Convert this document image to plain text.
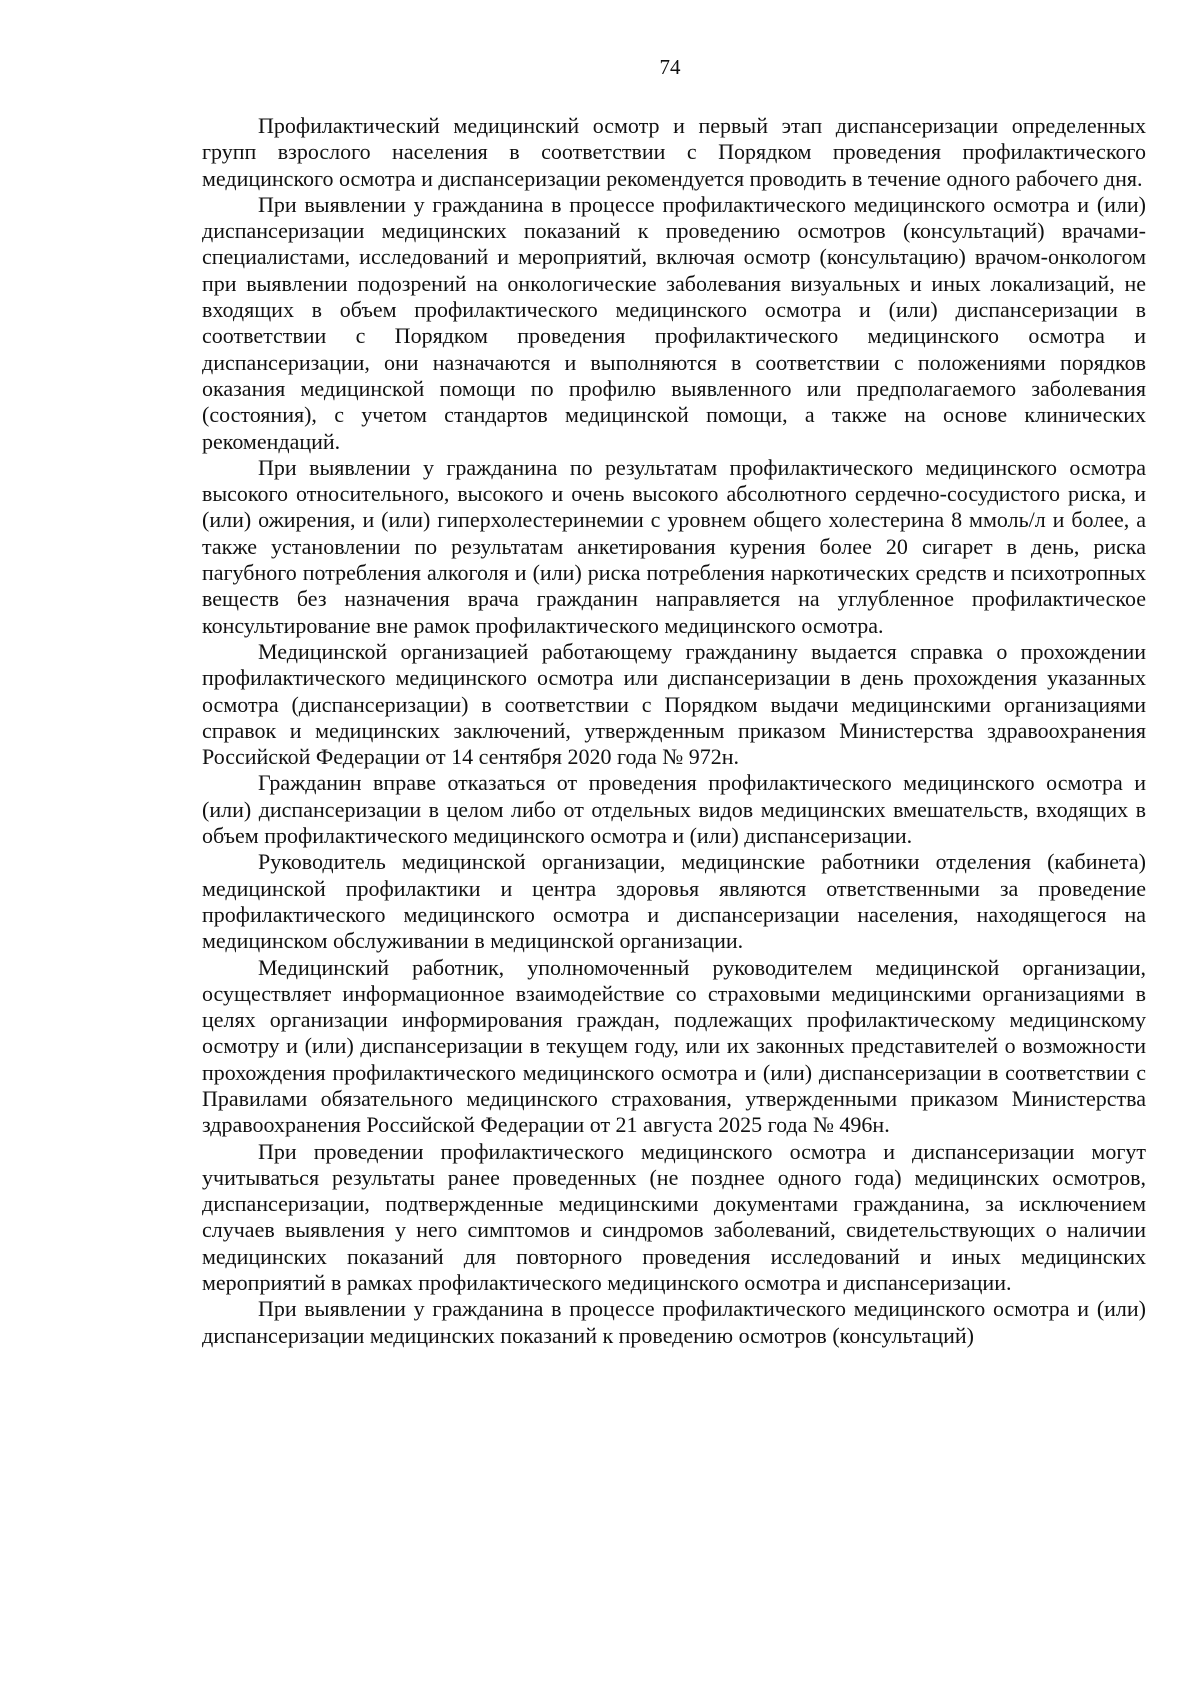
74

Профилактический медицинский осмотр и первый этап диспансеризации определенных групп взрослого населения в соответствии с Порядком проведения профилактического медицинского осмотра и диспансеризации рекомендуется проводить в течение одного рабочего дня.

При выявлении у гражданина в процессе профилактического медицинского осмотра и (или) диспансеризации медицинских показаний к проведению осмотров (консультаций) врачами-специалистами, исследований и мероприятий, включая осмотр (консультацию) врачом-онкологом при выявлении подозрений на онкологические заболевания визуальных и иных локализаций, не входящих в объем профилактического медицинского осмотра и (или) диспансеризации в соответствии с Порядком проведения профилактического медицинского осмотра и диспансеризации, они назначаются и выполняются в соответствии с положениями порядков оказания медицинской помощи по профилю выявленного или предполагаемого заболевания (состояния), с учетом стандартов медицинской помощи, а также на основе клинических рекомендаций.

При выявлении у гражданина по результатам профилактического медицинского осмотра высокого относительного, высокого и очень высокого абсолютного сердечно-сосудистого риска, и (или) ожирения, и (или) гиперхолестеринемии с уровнем общего холестерина 8 ммоль/л и более, а также установлении по результатам анкетирования курения более 20 сигарет в день, риска пагубного потребления алкоголя и (или) риска потребления наркотических средств и психотропных веществ без назначения врача гражданин направляется на углубленное профилактическое консультирование вне рамок профилактического медицинского осмотра.

Медицинской организацией работающему гражданину выдается справка о прохождении профилактического медицинского осмотра или диспансеризации в день прохождения указанных осмотра (диспансеризации) в соответствии с Порядком выдачи медицинскими организациями справок и медицинских заключений, утвержденным приказом Министерства здравоохранения Российской Федерации от 14 сентября 2020 года № 972н.

Гражданин вправе отказаться от проведения профилактического медицинского осмотра и (или) диспансеризации в целом либо от отдельных видов медицинских вмешательств, входящих в объем профилактического медицинского осмотра и (или) диспансеризации.

Руководитель медицинской организации, медицинские работники отделения (кабинета) медицинской профилактики и центра здоровья являются ответственными за проведение профилактического медицинского осмотра и диспансеризации населения, находящегося на медицинском обслуживании в медицинской организации.

Медицинский работник, уполномоченный руководителем медицинской организации, осуществляет информационное взаимодействие со страховыми медицинскими организациями в целях организации информирования граждан, подлежащих профилактическому медицинскому осмотру и (или) диспансеризации в текущем году, или их законных представителей о возможности прохождения профилактического медицинского осмотра и (или) диспансеризации в соответствии с Правилами обязательного медицинского страхования, утвержденными приказом Министерства здравоохранения Российской Федерации от 21 августа 2025 года № 496н.

При проведении профилактического медицинского осмотра и диспансеризации могут учитываться результаты ранее проведенных (не позднее одного года) медицинских осмотров, диспансеризации, подтвержденные медицинскими документами гражданина, за исключением случаев выявления у него симптомов и синдромов заболеваний, свидетельствующих о наличии медицинских показаний для повторного проведения исследований и иных медицинских мероприятий в рамках профилактического медицинского осмотра и диспансеризации.

При выявлении у гражданина в процессе профилактического медицинского осмотра и (или) диспансеризации медицинских показаний к проведению осмотров (консультаций)
